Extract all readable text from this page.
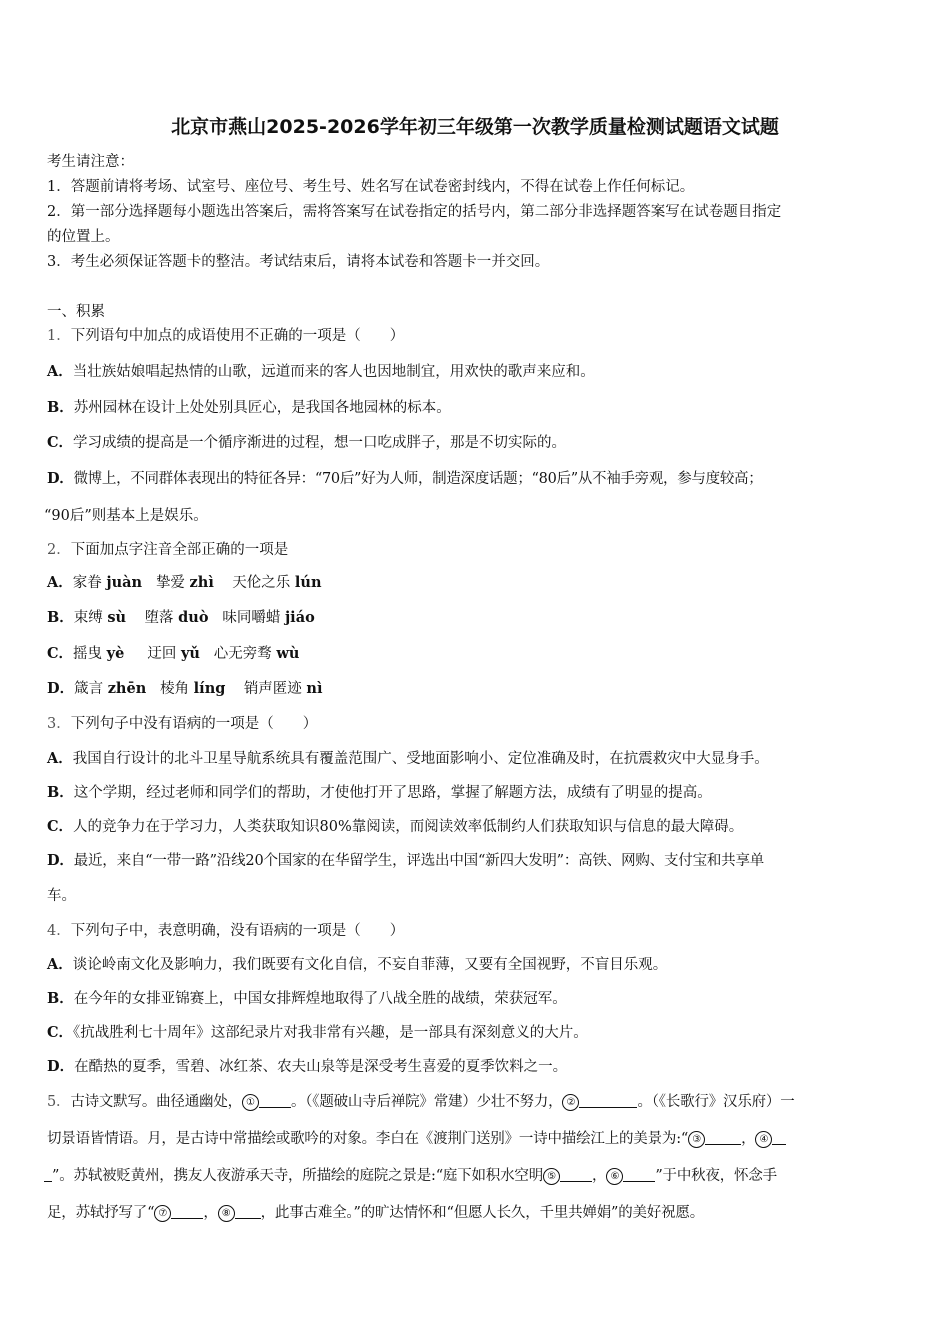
北京市燕山2025-2026学年初三年级第一次教学质量检测试题语文试题
考生请注意：
1．答题前请将考场、试室号、座位号、考生号、姓名写在试卷密封线内，不得在试卷上作任何标记。
2．第一部分选择题每小题选出答案后，需将答案写在试卷指定的括号内，第二部分非选择题答案写在试卷题目指定
的位置上。
3．考生必须保证答题卡的整洁。考试结束后，请将本试卷和答题卡一并交回。
一、积累
1．下列语句中加点的成语使用不正确的一项是（　　）
A．当壮族姑娘唱起热情的山歌，远道而来的客人也因地制宜，用欢快的歌声来应和。
B．苏州园林在设计上处处别具匠心，是我国各地园林的标本。
C．学习成绩的提高是一个循序渐进的过程，想一口吃成胖子，那是不切实际的。
D．微博上，不同群体表现出的特征各异：“70后”好为人师，制造深度话题；“80后”从不袖手旁观，参与度较高；
“90后”则基本上是娱乐。
2．下面加点字注音全部正确的一项是
A．家眷 juàn 挚爱 zhì 天伦之乐 lún
B．束缚 sù 堕落 duò 味同嚼蜡 jiáo
C．摇曳 yè 迂回 yǔ 心无旁骛 wù
D．箴言 zhēn 棱角 líng 销声匿迹 nì
3．下列句子中没有语病的一项是（　　）
A．我国自行设计的北斗卫星导航系统具有覆盖范围广、受地面影响小、定位准确及时，在抗震救灾中大显身手。
B．这个学期，经过老师和同学们的帮助，才使他打开了思路，掌握了解题方法，成绩有了明显的提高。
C．人的竞争力在于学习力，人类获取知识80%靠阅读，而阅读效率低制约人们获取知识与信息的最大障碍。
D．最近，来自“一带一路”沿线20个国家的在华留学生，评选出中国“新四大发明”：高铁、网购、支付宝和共享单
车。
4．下列句子中，表意明确，没有语病的一项是（　　）
A．谈论岭南文化及影响力，我们既要有文化自信，不妄自菲薄，又要有全国视野，不盲目乐观。
B．在今年的女排亚锦赛上，中国女排辉煌地取得了八战全胜的战绩，荣获冠军。
C．《抗战胜利七十周年》这部纪录片对我非常有兴趣，是一部具有深刻意义的大片。
D．在酷热的夏季，雪碧、冰红茶、农夫山泉等是深受考生喜爱的夏季饮料之一。
5．古诗文默写。曲径通幽处， ① 。（《题破山寺后禅院》常建）少壮不努力， ②	。（《长歌行》汉乐府）一
切景语皆情语。月，是古诗中常描绘或歌吟的对象。李白在《渡荆门送别》一诗中描绘江上的美景为:“ ③	， ④
”。苏轼被贬黄州，携友人夜游承天寺，所描绘的庭院之景是:“庭下如积水空明 ⑤ ， ⑥ ”于中秋夜，怀念手
足，苏轼抒写了“ ⑦ ， ⑧ ，此事古难全。”的旷达情怀和“但愿人长久，千里共婵娟”的美好祝愿。
